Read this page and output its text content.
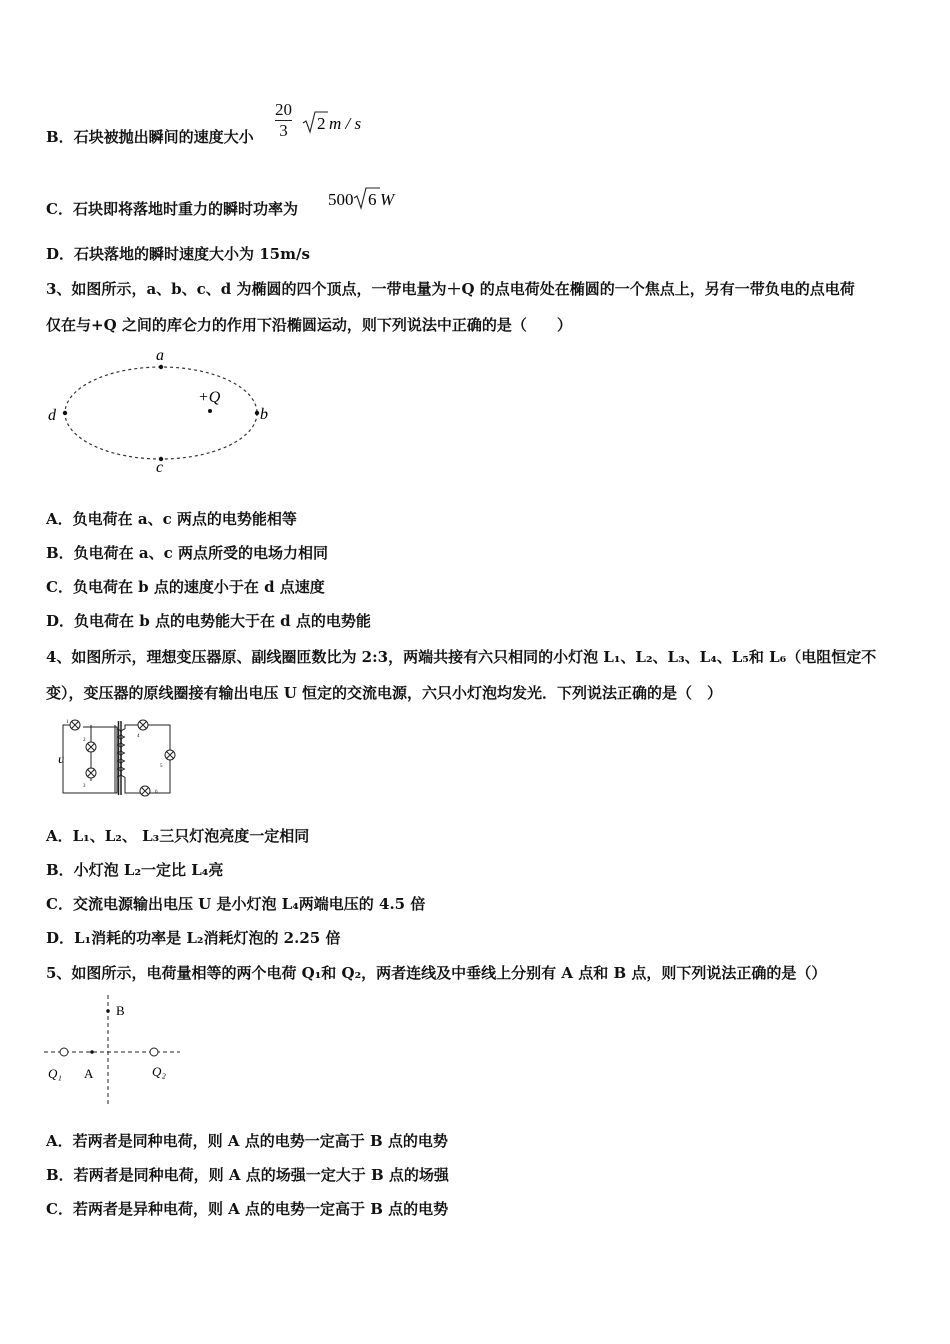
B．石块被抛出瞬间的速度大小 $\frac{20}{3} 2$ m / s
C．石块即将落地时重力的瞬时功率为 500 6 W
D．石块落地的瞬时速度大小为 15m/s
3、如图所示，a、b、c、d 为椭圆的四个顶点，一带电量为＋Q 的点电荷处在椭圆的一个焦点上，另有一带负电的点电荷
仅在与+Q 之间的库仑力的作用下沿椭圆运动，则下列说法中正确的是（　　）
a
b
c
d
+Q
A．负电荷在 a、c 两点的电势能相等
B．负电荷在 a、c 两点所受的电场力相同
C．负电荷在 b 点的速度小于在 d 点速度
D．负电荷在 b 点的电势能大于在 d 点的电势能
4、如图所示，理想变压器原、副线圈匝数比为 2:3，两端共接有六只相同的小灯泡 L₁、L₂、L₃、L₄、L₅和 L₆（电阻恒定不
变），变压器的原线圈接有输出电压 U 恒定的交流电源，六只小灯泡均发光．下列说法正确的是（　）
U
1
2
3
4
5
6
A．L₁、L₂、 L₃三只灯泡亮度一定相同
B．小灯泡 L₂一定比 L₄亮
C．交流电源输出电压 U 是小灯泡 L₄两端电压的 4.5 倍
D．L₁消耗的功率是 L₂消耗灯泡的 2.25 倍
5、如图所示，电荷量相等的两个电荷 Q₁和 Q₂，两者连线及中垂线上分别有 A 点和 B 点，则下列说法正确的是（）
B
A
Q₁	Q₂
A．若两者是同种电荷，则 A 点的电势一定高于 B 点的电势
B．若两者是同种电荷，则 A 点的场强一定大于 B 点的场强
C．若两者是异种电荷，则 A 点的电势一定高于 B 点的电势
